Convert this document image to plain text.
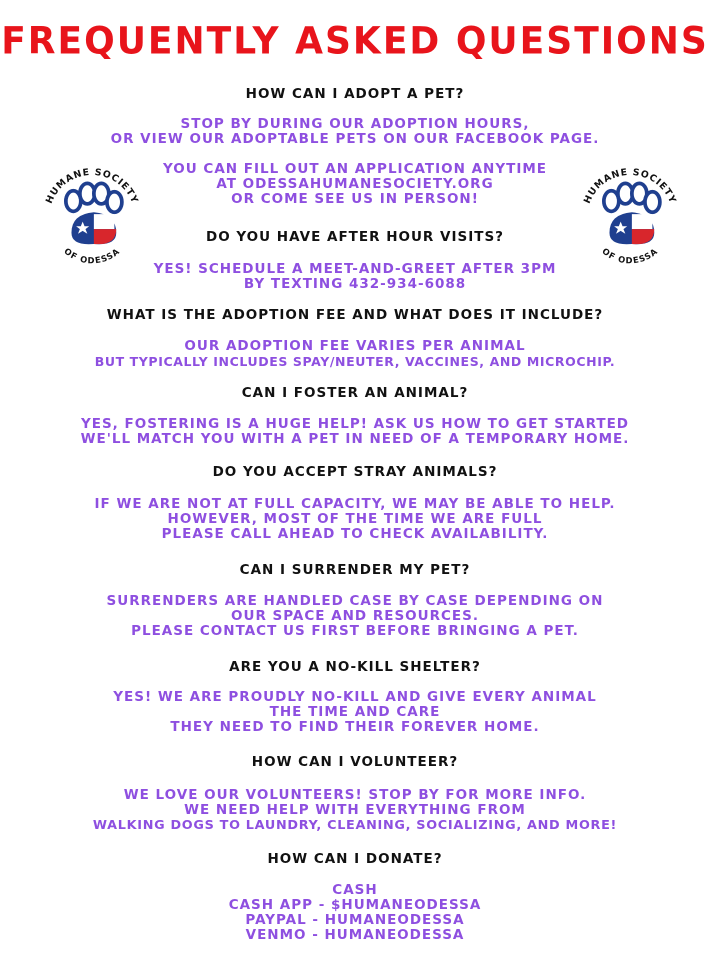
FREQUENTLY ASKED QUESTIONS
HUMANE SOCIETY
OF ODESSA
HUMANE SOCIETY
OF ODESSA
HOW CAN I ADOPT A PET?
STOP BY DURING OUR ADOPTION HOURS,
OR VIEW OUR ADOPTABLE PETS ON OUR FACEBOOK PAGE.

YOU CAN FILL OUT AN APPLICATION ANYTIME
AT ODESSAHUMANESOCIETY.ORG
OR COME SEE US IN PERSON!
DO YOU HAVE AFTER HOUR VISITS?
YES! SCHEDULE A MEET-AND-GREET AFTER 3PM
BY TEXTING 432-934-6088
WHAT IS THE ADOPTION FEE AND WHAT DOES IT INCLUDE?
OUR ADOPTION FEE VARIES PER ANIMAL
BUT TYPICALLY INCLUDES SPAY/NEUTER, VACCINES, AND MICROCHIP.
CAN I FOSTER AN ANIMAL?
YES, FOSTERING IS A HUGE HELP! ASK US HOW TO GET STARTED
WE'LL MATCH YOU WITH A PET IN NEED OF A TEMPORARY HOME.
DO YOU ACCEPT STRAY ANIMALS?
IF WE ARE NOT AT FULL CAPACITY, WE MAY BE ABLE TO HELP.
HOWEVER, MOST OF THE TIME WE ARE FULL
PLEASE CALL AHEAD TO CHECK AVAILABILITY.
CAN I SURRENDER MY PET?
SURRENDERS ARE HANDLED CASE BY CASE DEPENDING ON
OUR SPACE AND RESOURCES.
PLEASE CONTACT US FIRST BEFORE BRINGING A PET.
ARE YOU A NO-KILL SHELTER?
YES! WE ARE PROUDLY NO-KILL AND GIVE EVERY ANIMAL
THE TIME AND CARE
THEY NEED TO FIND THEIR FOREVER HOME.
HOW CAN I VOLUNTEER?
WE LOVE OUR VOLUNTEERS! STOP BY FOR MORE INFO.
WE NEED HELP WITH EVERYTHING FROM
WALKING DOGS TO LAUNDRY, CLEANING, SOCIALIZING, AND MORE!
HOW CAN I DONATE?
CASH
CASH APP - $HUMANEODESSA
PAYPAL - HUMANEODESSA
VENMO - HUMANEODESSA
